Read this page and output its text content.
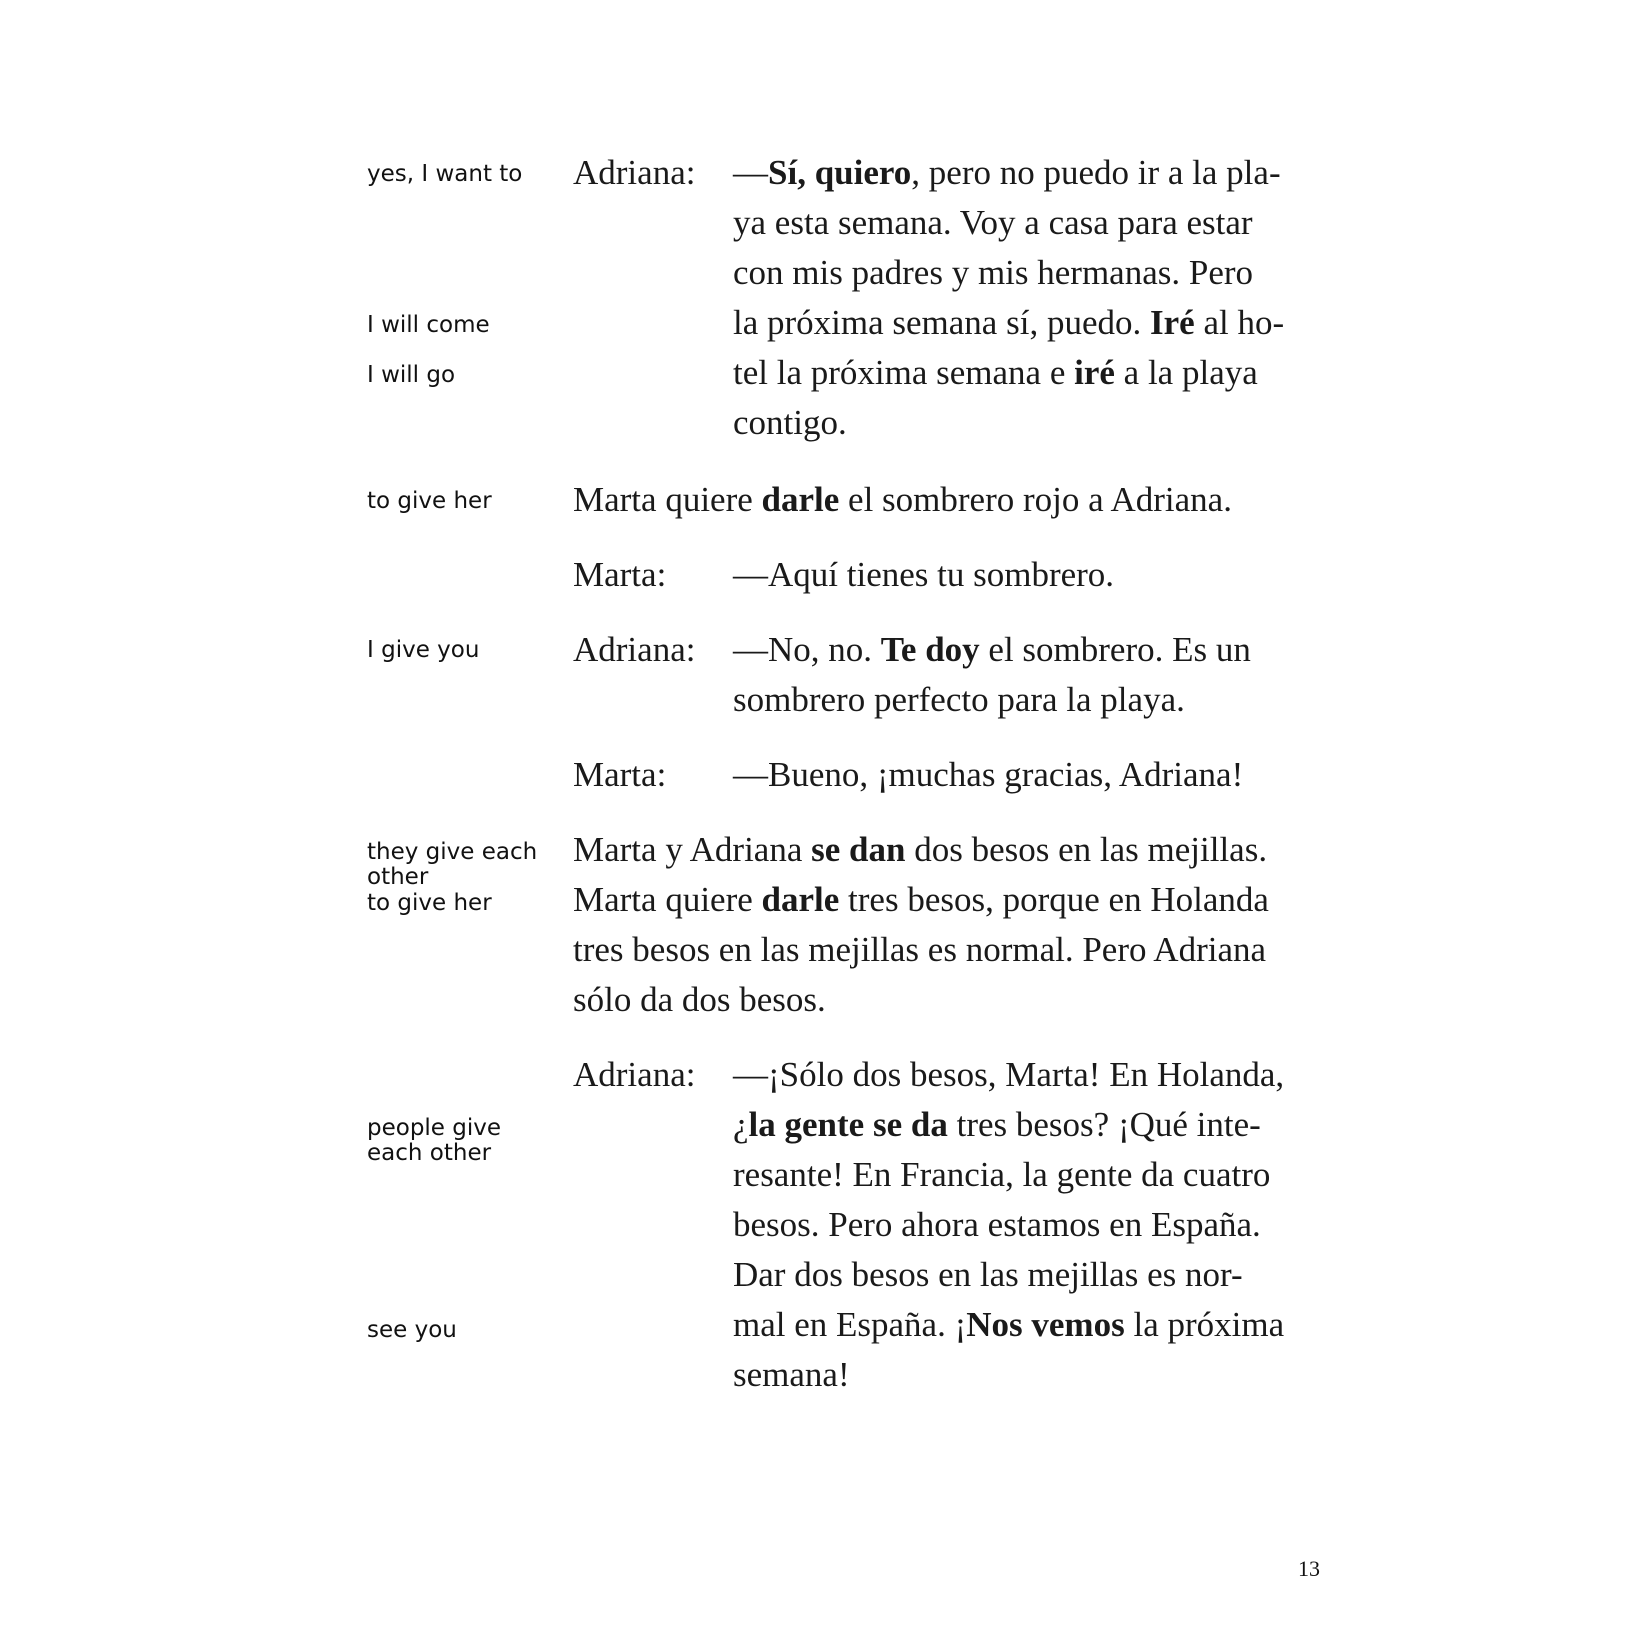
yes, I want to
I will come
I will go
to give her
I give you
they give each
other
to give her
people give
each other
see you
Adriana: —Sí, quiero, pero no puedo ir a la pla-
ya esta semana. Voy a casa para estar
con mis padres y mis hermanas. Pero
la próxima semana sí, puedo. Iré al ho-
tel la próxima semana e iré a la playa
contigo.
Marta quiere darle el sombrero rojo a Adriana.
Marta: —Aquí tienes tu sombrero.
Adriana: —No, no. Te doy el sombrero. Es un
sombrero perfecto para la playa.
Marta: —Bueno, ¡muchas gracias, Adriana!
Marta y Adriana se dan dos besos en las mejillas.
Marta quiere darle tres besos, porque en Holanda
tres besos en las mejillas es normal. Pero Adriana
sólo da dos besos.
Adriana: —¡Sólo dos besos, Marta! En Holanda,
¿la gente se da tres besos? ¡Qué inte-
resante! En Francia, la gente da cuatro
besos. Pero ahora estamos en España.
Dar dos besos en las mejillas es nor-
mal en España. ¡Nos vemos la próxima
semana!
13
